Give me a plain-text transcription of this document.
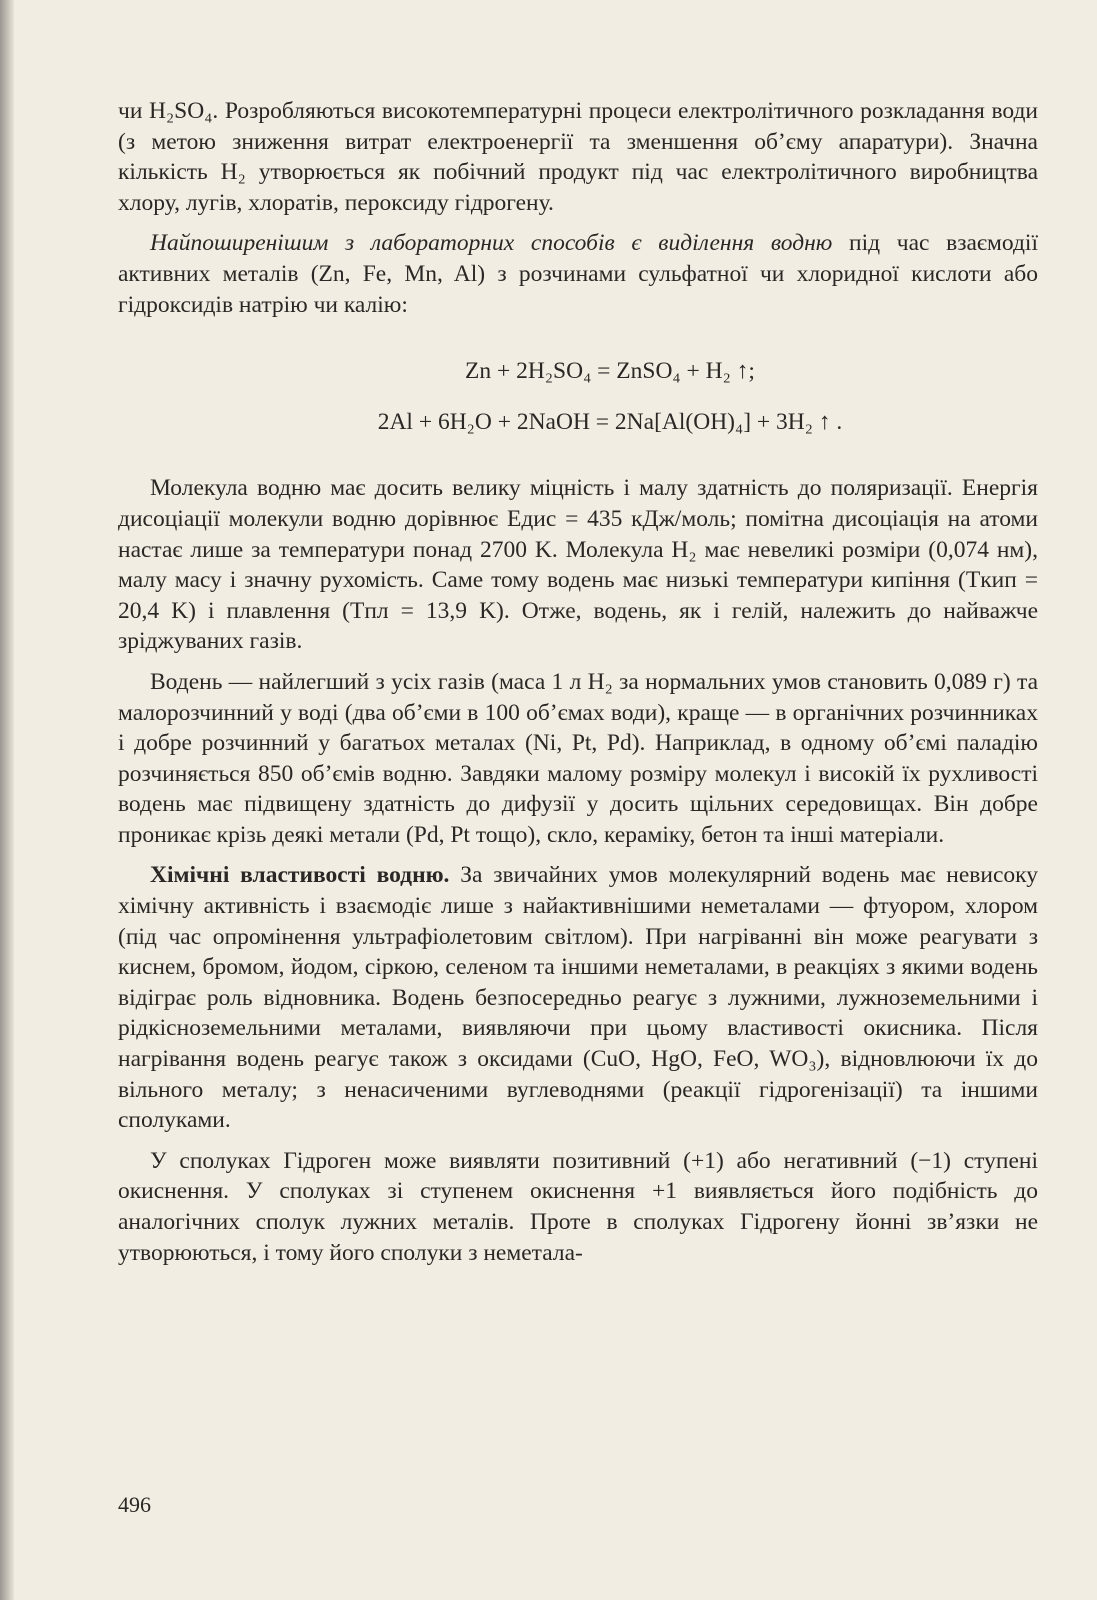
чи H₂SO₄. Розробляються високотемпературні процеси електролітичного розкладання води (з метою зниження витрат електроенергії та зменшення об’єму апаратури). Значна кількість H₂ утворюється як побічний продукт під час електролітичного виробництва хлору, лугів, хлоратів, пероксиду гідрогену.

Найпоширенішим з лабораторних способів є виділення водню під час взаємодії активних металів (Zn, Fe, Mn, Al) з розчинами сульфатної чи хлоридної кислоти або гідроксидів натрію чи калію:

Zn + 2H₂SO₄ = ZnSO₄ + H₂ ↑;

2Al + 6H₂O + 2NaOH = 2Na[Al(OH)₄] + 3H₂ ↑ .

Молекула водню має досить велику міцність і малу здатність до поляризації. Енергія дисоціації молекули водню дорівнює Eдис = 435 кДж/моль; помітна дисоціація на атоми настає лише за температури понад 2700 K. Молекула H₂ має невеликі розміри (0,074 нм), малу масу і значну рухомість. Саме тому водень має низькі температури кипіння (Tкип = 20,4 K) і плавлення (Tпл = 13,9 K). Отже, водень, як і гелій, належить до найважче зріджуваних газів.

Водень — найлегший з усіх газів (маса 1 л H₂ за нормальних умов становить 0,089 г) та малорозчинний у воді (два об’єми в 100 об’ємах води), краще — в органічних розчинниках і добре розчинний у багатьох металах (Ni, Pt, Pd). Наприклад, в одному об’ємі паладію розчиняється 850 об’ємів водню. Завдяки малому розміру молекул і високій їх рухливості водень має підвищену здатність до дифузії у досить щільних середовищах. Він добре проникає крізь деякі метали (Pd, Pt тощо), скло, кераміку, бетон та інші матеріали.

Хімічні властивості водню. За звичайних умов молекулярний водень має невисоку хімічну активність і взаємодіє лише з найактивнішими неметалами — фтуором, хлором (під час опромінення ультрафіолетовим світлом). При нагріванні він може реагувати з киснем, бромом, йодом, сіркою, селеном та іншими неметалами, в реакціях з якими водень відіграє роль відновника. Водень безпосередньо реагує з лужними, лужноземельними і рідкісноземельними металами, виявляючи при цьому властивості окисника. Після нагрівання водень реагує також з оксидами (CuO, HgO, FeO, WO₃), відновлюючи їх до вільного металу; з ненасиченими вуглеводнями (реакції гідрогенізації) та іншими сполуками.

У сполуках Гідроген може виявляти позитивний (+1) або негативний (−1) ступені окиснення. У сполуках зі ступенем окиснення +1 виявляється його подібність до аналогічних сполук лужних металів. Проте в сполуках Гідрогену йонні зв’язки не утворюються, і тому його сполуки з неметала-

496
